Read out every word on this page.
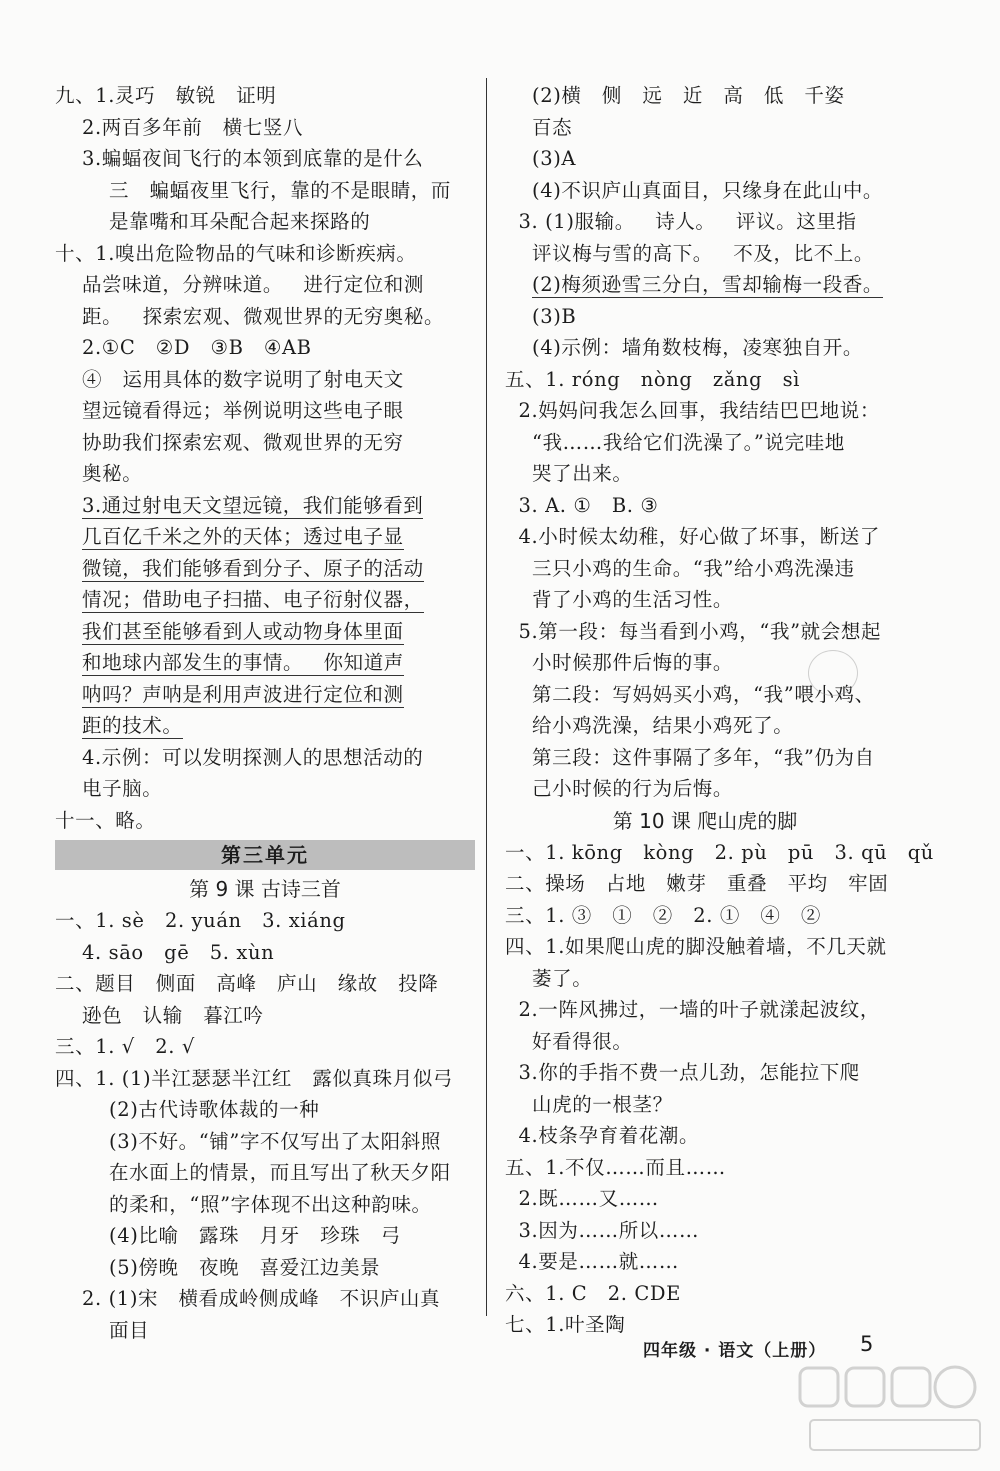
九、1.灵巧   敏锐   证明
2.两百多年前   横七竖八
3.蝙蝠夜间飞行的本领到底靠的是什么
三   蝙蝠夜里飞行，靠的不是眼睛，而
是靠嘴和耳朵配合起来探路的
十、1.嗅出危险物品的气味和诊断疾病。
品尝味道，分辨味道。   进行定位和测
距。   探索宏观、微观世界的无穷奥秘。
2.①C   ②D   ③B   ④AB
④   运用具体的数字说明了射电天文
望远镜看得远；举例说明这些电子眼
协助我们探索宏观、微观世界的无穷
奥秘。
3.通过射电天文望远镜，我们能够看到
几百亿千米之外的天体；透过电子显
微镜，我们能够看到分子、原子的活动
情况；借助电子扫描、电子衍射仪器，
我们甚至能够看到人或动物身体里面
和地球内部发生的事情。   你知道声
呐吗？声呐是利用声波进行定位和测
距的技术。
4.示例：可以发明探测人的思想活动的
电子脑。
十一、略。
第三单元
第 9 课 古诗三首
一、1. sè   2. yuán   3. xiáng
4. sāo   gē   5. xùn
二、题目   侧面   高峰   庐山   缘故   投降
逊色   认输   暮江吟
三、1. √   2. √
四、1. (1)半江瑟瑟半江红   露似真珠月似弓
(2)古代诗歌体裁的一种
(3)不好。“铺”字不仅写出了太阳斜照
在水面上的情景，而且写出了秋天夕阳
的柔和，“照”字体现不出这种韵味。
(4)比喻   露珠   月牙   珍珠   弓
(5)傍晚   夜晚   喜爱江边美景
2. (1)宋   横看成岭侧成峰   不识庐山真
面目
(2)横   侧   远   近   高   低   千姿
百态
(3)A
(4)不识庐山真面目，只缘身在此山中。
3. (1)服输。   诗人。   评议。这里指
评议梅与雪的高下。   不及，比不上。
(2)梅须逊雪三分白，雪却输梅一段香。
(3)B
(4)示例：墙角数枝梅，凌寒独自开。
五、1. róng   nòng   zǎng   sì
2.妈妈问我怎么回事，我结结巴巴地说：
“我……我给它们洗澡了。”说完哇地
哭了出来。
3. A. ①   B. ③
4.小时候太幼稚，好心做了坏事，断送了
三只小鸡的生命。“我”给小鸡洗澡违
背了小鸡的生活习性。
5.第一段：每当看到小鸡，“我”就会想起
小时候那件后悔的事。
第二段：写妈妈买小鸡，“我”喂小鸡、
给小鸡洗澡，结果小鸡死了。
第三段：这件事隔了多年，“我”仍为自
己小时候的行为后悔。
第 10 课 爬山虎的脚
一、1. kōng   kòng   2. pù   pū   3. qū   qǔ
二、操场   占地   嫩芽   重叠   平均   牢固
三、1. ③   ①   ②   2. ①   ④   ②
四、1.如果爬山虎的脚没触着墙，不几天就
萎了。
2.一阵风拂过，一墙的叶子就漾起波纹，
好看得很。
3.你的手指不费一点儿劲，怎能拉下爬
山虎的一根茎？
4.枝条孕育着花潮。
五、1.不仅……而且……
2.既……又……
3.因为……所以……
4.要是……就……
六、1. C   2. CDE
七、1.叶圣陶
四年级 · 语文（上册） 5
